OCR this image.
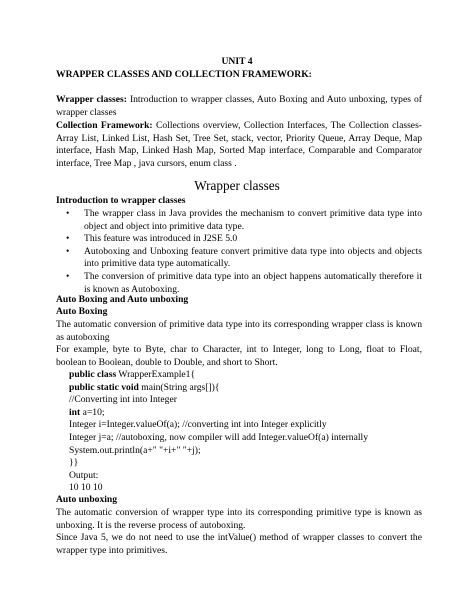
UNIT 4
WRAPPER CLASSES AND COLLECTION FRAMEWORK:
Wrapper classes: Introduction to wrapper classes, Auto Boxing and Auto unboxing, types of wrapper classes
Collection Framework: Collections overview, Collection Interfaces, The Collection classes- Array List, Linked List, Hash Set, Tree Set, stack, vector, Priority Queue, Array Deque, Map interface, Hash Map, Linked Hash Map, Sorted Map interface, Comparable and Comparator interface, Tree Map , java cursors, enum class .
Wrapper classes
Introduction to wrapper classes
• The wrapper class in Java provides the mechanism to convert primitive data type into object and object into primitive data type.
• This feature was introduced in J2SE 5.0
• Autoboxing and Unboxing feature convert primitive data type into objects and objects into primitive data type automatically.
• The conversion of primitive data type into an object happens automatically therefore it is known as Autoboxing.
Auto Boxing and Auto unboxing
Auto Boxing
The automatic conversion of primitive data type into its corresponding wrapper class is known as autoboxing
For example, byte to Byte, char to Character, int to Integer, long to Long, float to Float, boolean to Boolean, double to Double, and short to Short.
public class WrapperExample1{
public static void main(String args[]){
//Converting int into Integer
int a=10;
Integer i=Integer.valueOf(a); //converting int into Integer explicitly
Integer j=a; //autoboxing, now compiler will add Integer.valueOf(a) internally
System.out.println(a+" "+i+" "+j);
}}
Output:
10 10 10
Auto unboxing
The automatic conversion of wrapper type into its corresponding primitive type is known as unboxing. It is the reverse process of autoboxing.
Since Java 5, we do not need to use the intValue() method of wrapper classes to convert the wrapper type into primitives.
